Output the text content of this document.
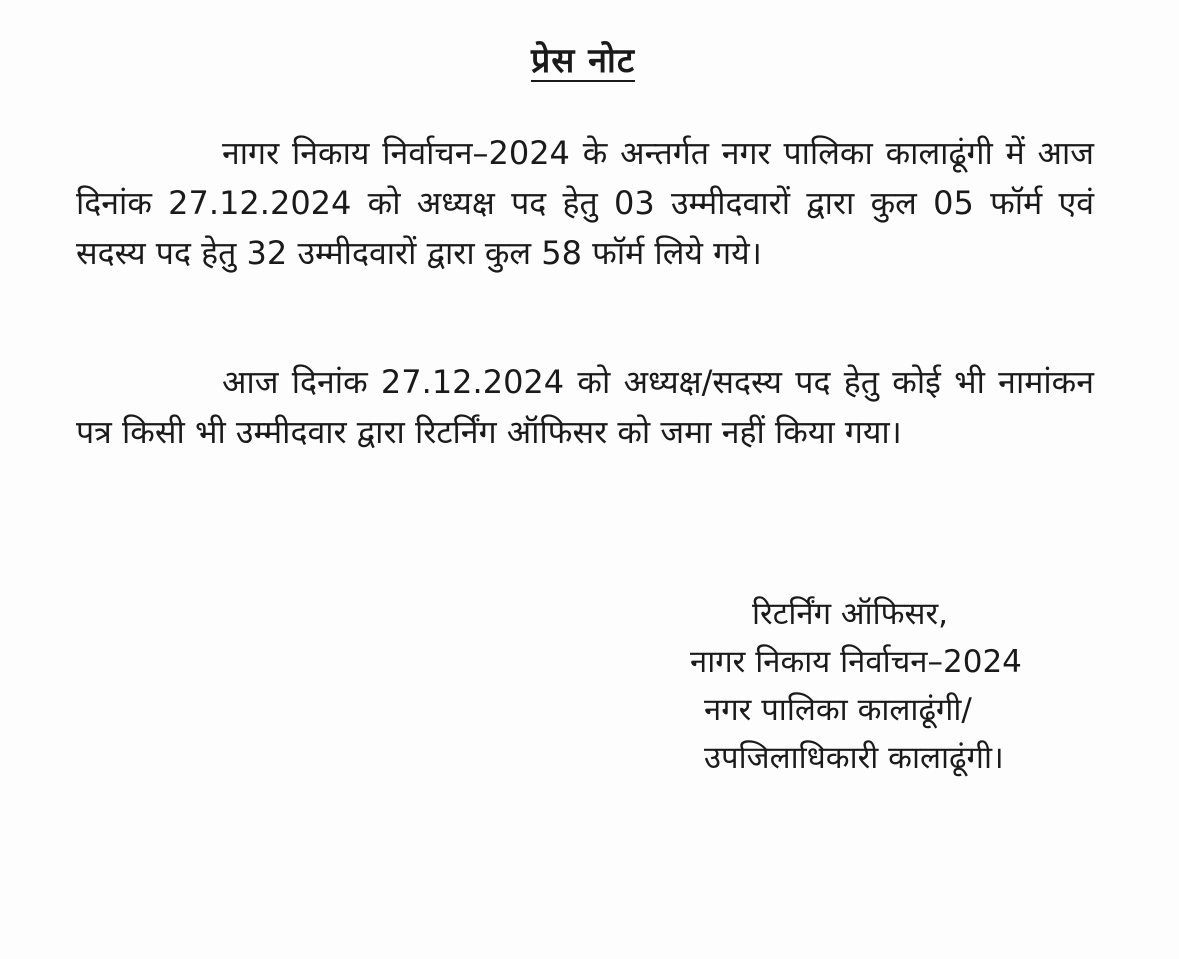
प्रेस नोट

नागर निकाय निर्वाचन–2024 के अन्तर्गत नगर पालिका कालाढूंगी में आज दिनांक 27.12.2024 को अध्यक्ष पद हेतु 03 उम्मीदवारों द्वारा कुल 05 फॉर्म एवं सदस्य पद हेतु 32 उम्मीदवारों द्वारा कुल 58 फॉर्म लिये गये।

आज दिनांक 27.12.2024 को अध्यक्ष/सदस्य पद हेतु कोई भी नामांकन पत्र किसी भी उम्मीदवार द्वारा रिटर्निंग ऑफिसर को जमा नहीं किया गया।

रिटर्निंग ऑफिसर,
नागर निकाय निर्वाचन–2024
नगर पालिका कालाढूंगी/
उपजिलाधिकारी कालाढूंगी।
